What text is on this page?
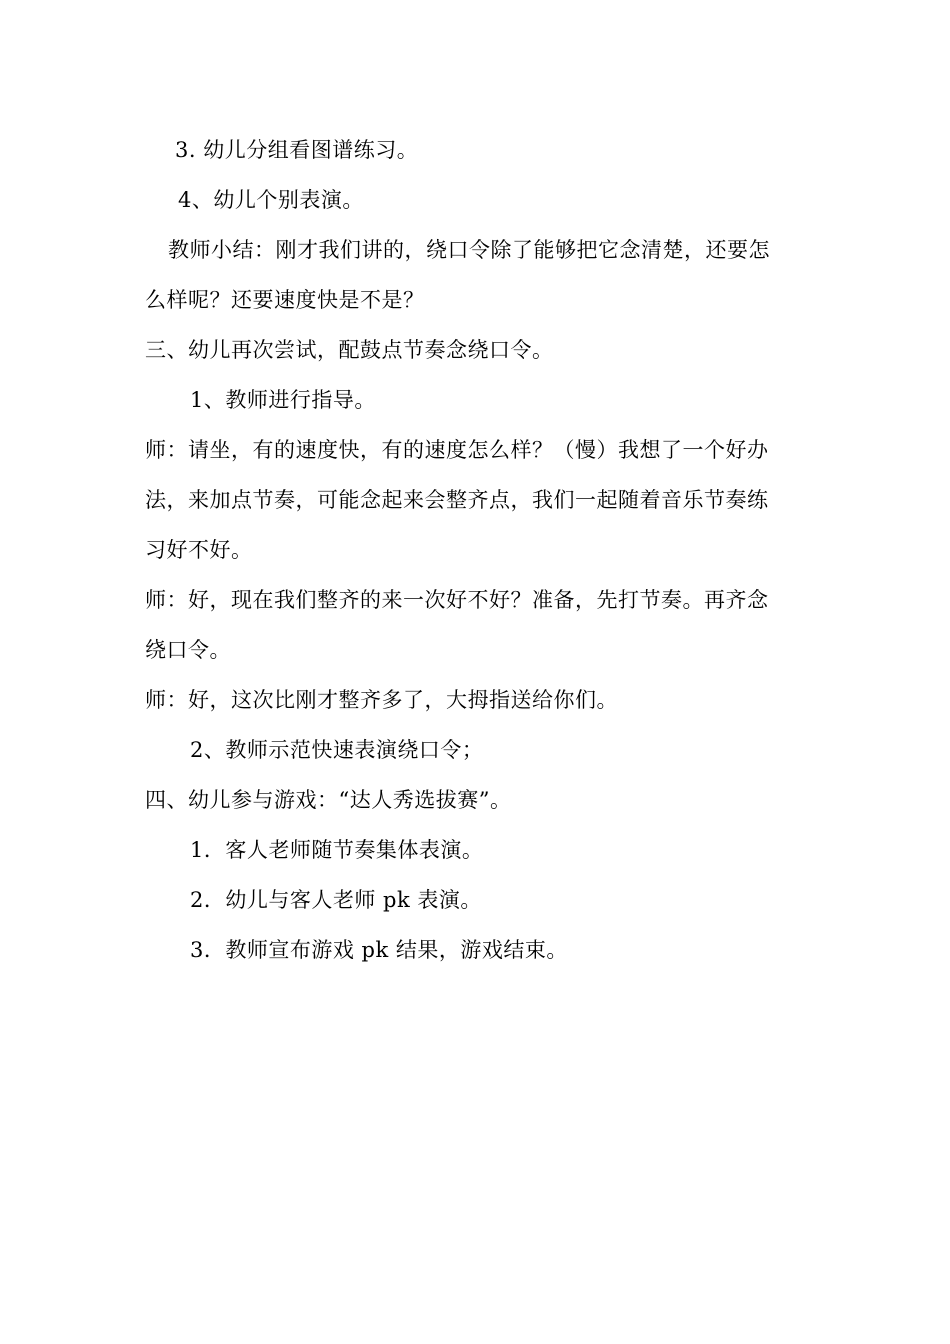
3. 幼儿分组看图谱练习。
4、幼儿个别表演。
教师小结：刚才我们讲的，绕口令除了能够把它念清楚，还要怎
么样呢？还要速度快是不是？
三、幼儿再次尝试，配鼓点节奏念绕口令。
1、教师进行指导。
师：请坐，有的速度快，有的速度怎么样？（慢）我想了一个好办
法，来加点节奏，可能念起来会整齐点，我们一起随着音乐节奏练
习好不好。
师：好，现在我们整齐的来一次好不好？准备，先打节奏。再齐念
绕口令。
师：好，这次比刚才整齐多了，大拇指送给你们。
2、教师示范快速表演绕口令；
四、幼儿参与游戏：“达人秀选拔赛”。
1．客人老师随节奏集体表演。
2．幼儿与客人老师 pk 表演。
3．教师宣布游戏 pk 结果，游戏结束。
